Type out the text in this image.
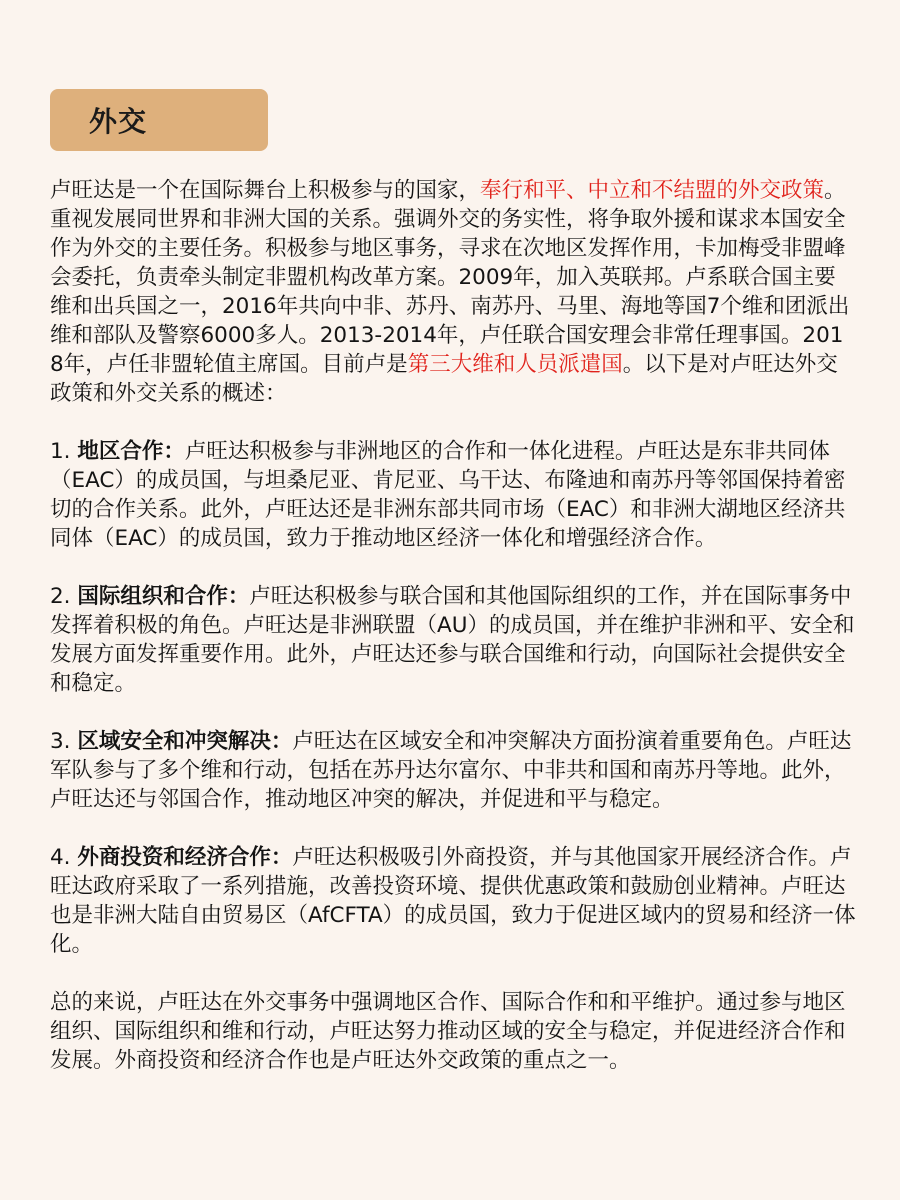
外交

卢旺达是一个在国际舞台上积极参与的国家，奉行和平、中立和不结盟的外交政策。重视发展同世界和非洲大国的关系。强调外交的务实性，将争取外援和谋求本国安全作为外交的主要任务。积极参与地区事务，寻求在次地区发挥作用，卡加梅受非盟峰会委托，负责牵头制定非盟机构改革方案。2009年，加入英联邦。卢系联合国主要维和出兵国之一，2016年共向中非、苏丹、南苏丹、马里、海地等国7个维和团派出维和部队及警察6000多人。2013-2014年，卢任联合国安理会非常任理事国。2018年，卢任非盟轮值主席国。目前卢是第三大维和人员派遣国。以下是对卢旺达外交政策和外交关系的概述：

1. 地区合作：卢旺达积极参与非洲地区的合作和一体化进程。卢旺达是东非共同体（EAC）的成员国，与坦桑尼亚、肯尼亚、乌干达、布隆迪和南苏丹等邻国保持着密切的合作关系。此外，卢旺达还是非洲东部共同市场（EAC）和非洲大湖地区经济共同体（EAC）的成员国，致力于推动地区经济一体化和增强经济合作。

2. 国际组织和合作：卢旺达积极参与联合国和其他国际组织的工作，并在国际事务中发挥着积极的角色。卢旺达是非洲联盟（AU）的成员国，并在维护非洲和平、安全和发展方面发挥重要作用。此外，卢旺达还参与联合国维和行动，向国际社会提供安全和稳定。

3. 区域安全和冲突解决：卢旺达在区域安全和冲突解决方面扮演着重要角色。卢旺达军队参与了多个维和行动，包括在苏丹达尔富尔、中非共和国和南苏丹等地。此外，卢旺达还与邻国合作，推动地区冲突的解决，并促进和平与稳定。

4. 外商投资和经济合作：卢旺达积极吸引外商投资，并与其他国家开展经济合作。卢旺达政府采取了一系列措施，改善投资环境、提供优惠政策和鼓励创业精神。卢旺达也是非洲大陆自由贸易区（AfCFTA）的成员国，致力于促进区域内的贸易和经济一体化。

总的来说，卢旺达在外交事务中强调地区合作、国际合作和和平维护。通过参与地区组织、国际组织和维和行动，卢旺达努力推动区域的安全与稳定，并促进经济合作和发展。外商投资和经济合作也是卢旺达外交政策的重点之一。
